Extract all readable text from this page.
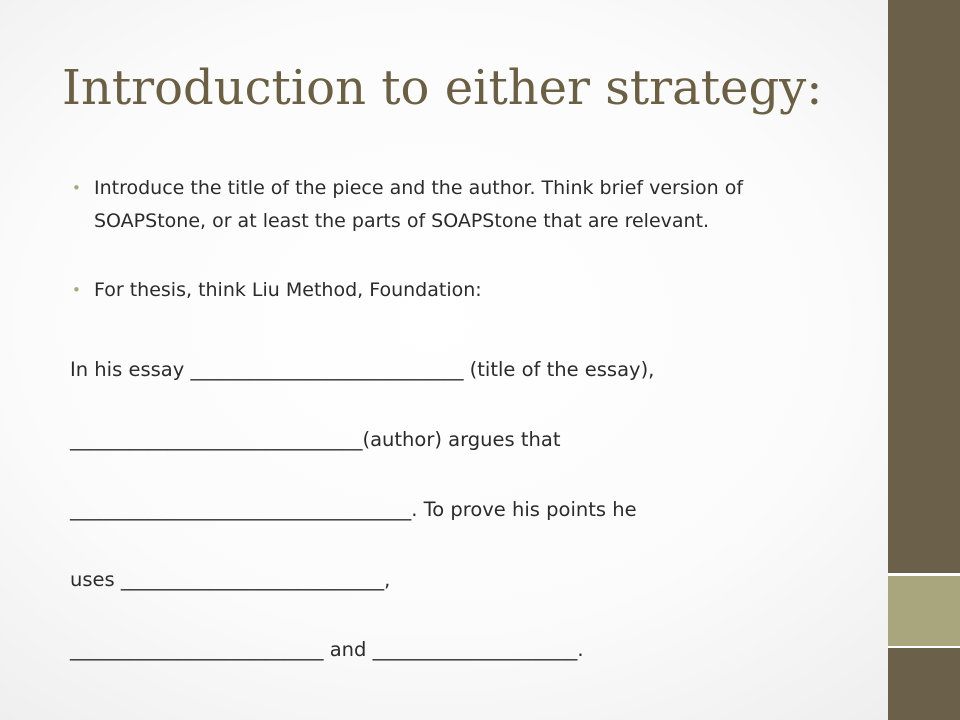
Introduction to either strategy:

• Introduce the title of the piece and the author. Think brief version of SOAPStone, or at least the parts of SOAPStone that are relevant.

• For thesis, think Liu Method, Foundation:

In his essay ____________________________ (title of the essay),

______________________________(author) argues that

___________________________________. To prove his points he

uses ___________________________,

__________________________ and _____________________.
